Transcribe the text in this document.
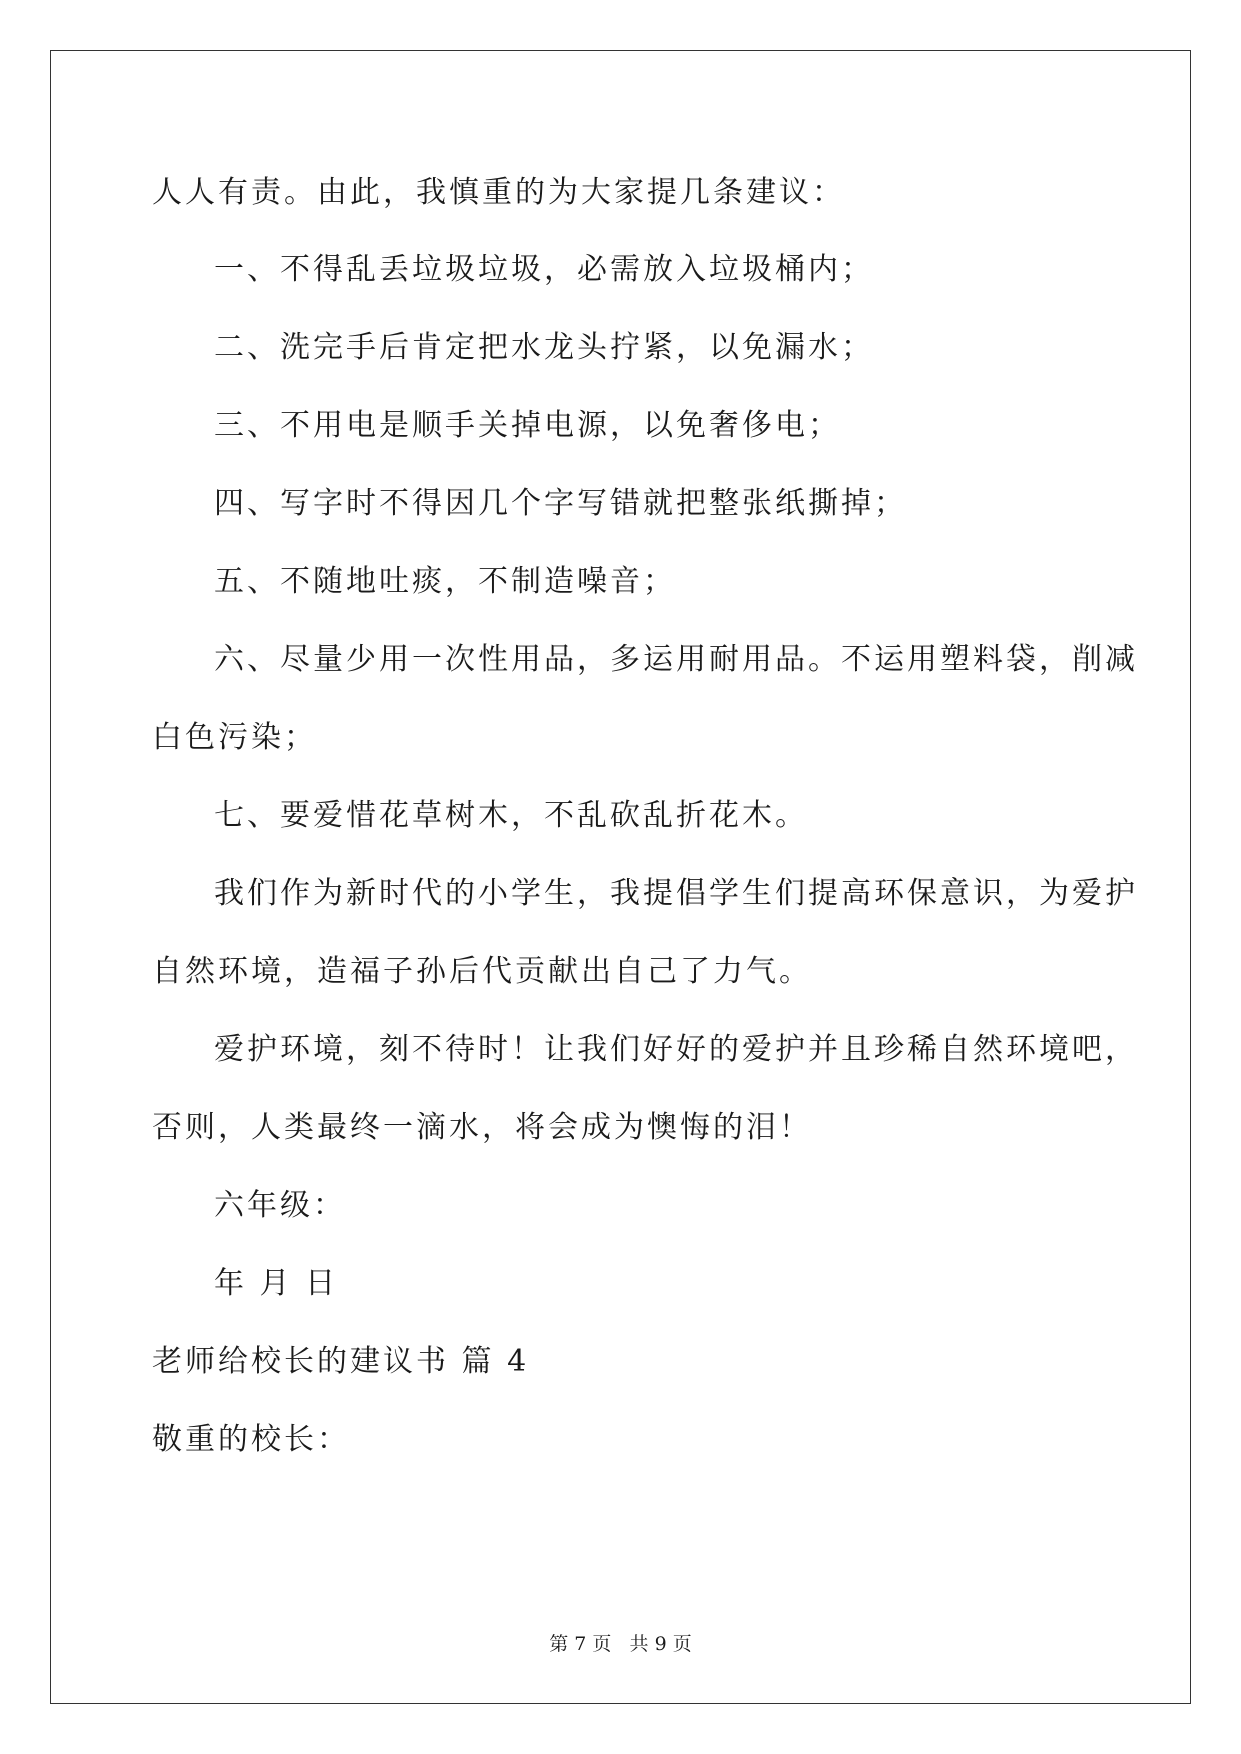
人人有责。由此，我慎重的为大家提几条建议：
一、不得乱丢垃圾垃圾，必需放入垃圾桶内；
二、洗完手后肯定把水龙头拧紧，以免漏水；
三、不用电是顺手关掉电源，以免奢侈电；
四、写字时不得因几个字写错就把整张纸撕掉；
五、不随地吐痰，不制造噪音；
六、尽量少用一次性用品，多运用耐用品。不运用塑料袋，削减
白色污染；
七、要爱惜花草树木，不乱砍乱折花木。
我们作为新时代的小学生，我提倡学生们提高环保意识，为爱护
自然环境，造福子孙后代贡献出自己了力气。
爱护环境，刻不待时！让我们好好的爱护并且珍稀自然环境吧，
否则，人类最终一滴水，将会成为懊悔的泪！
六年级：
年 月 日
老师给校长的建议书 篇 4
敬重的校长：
第 7 页   共 9 页
